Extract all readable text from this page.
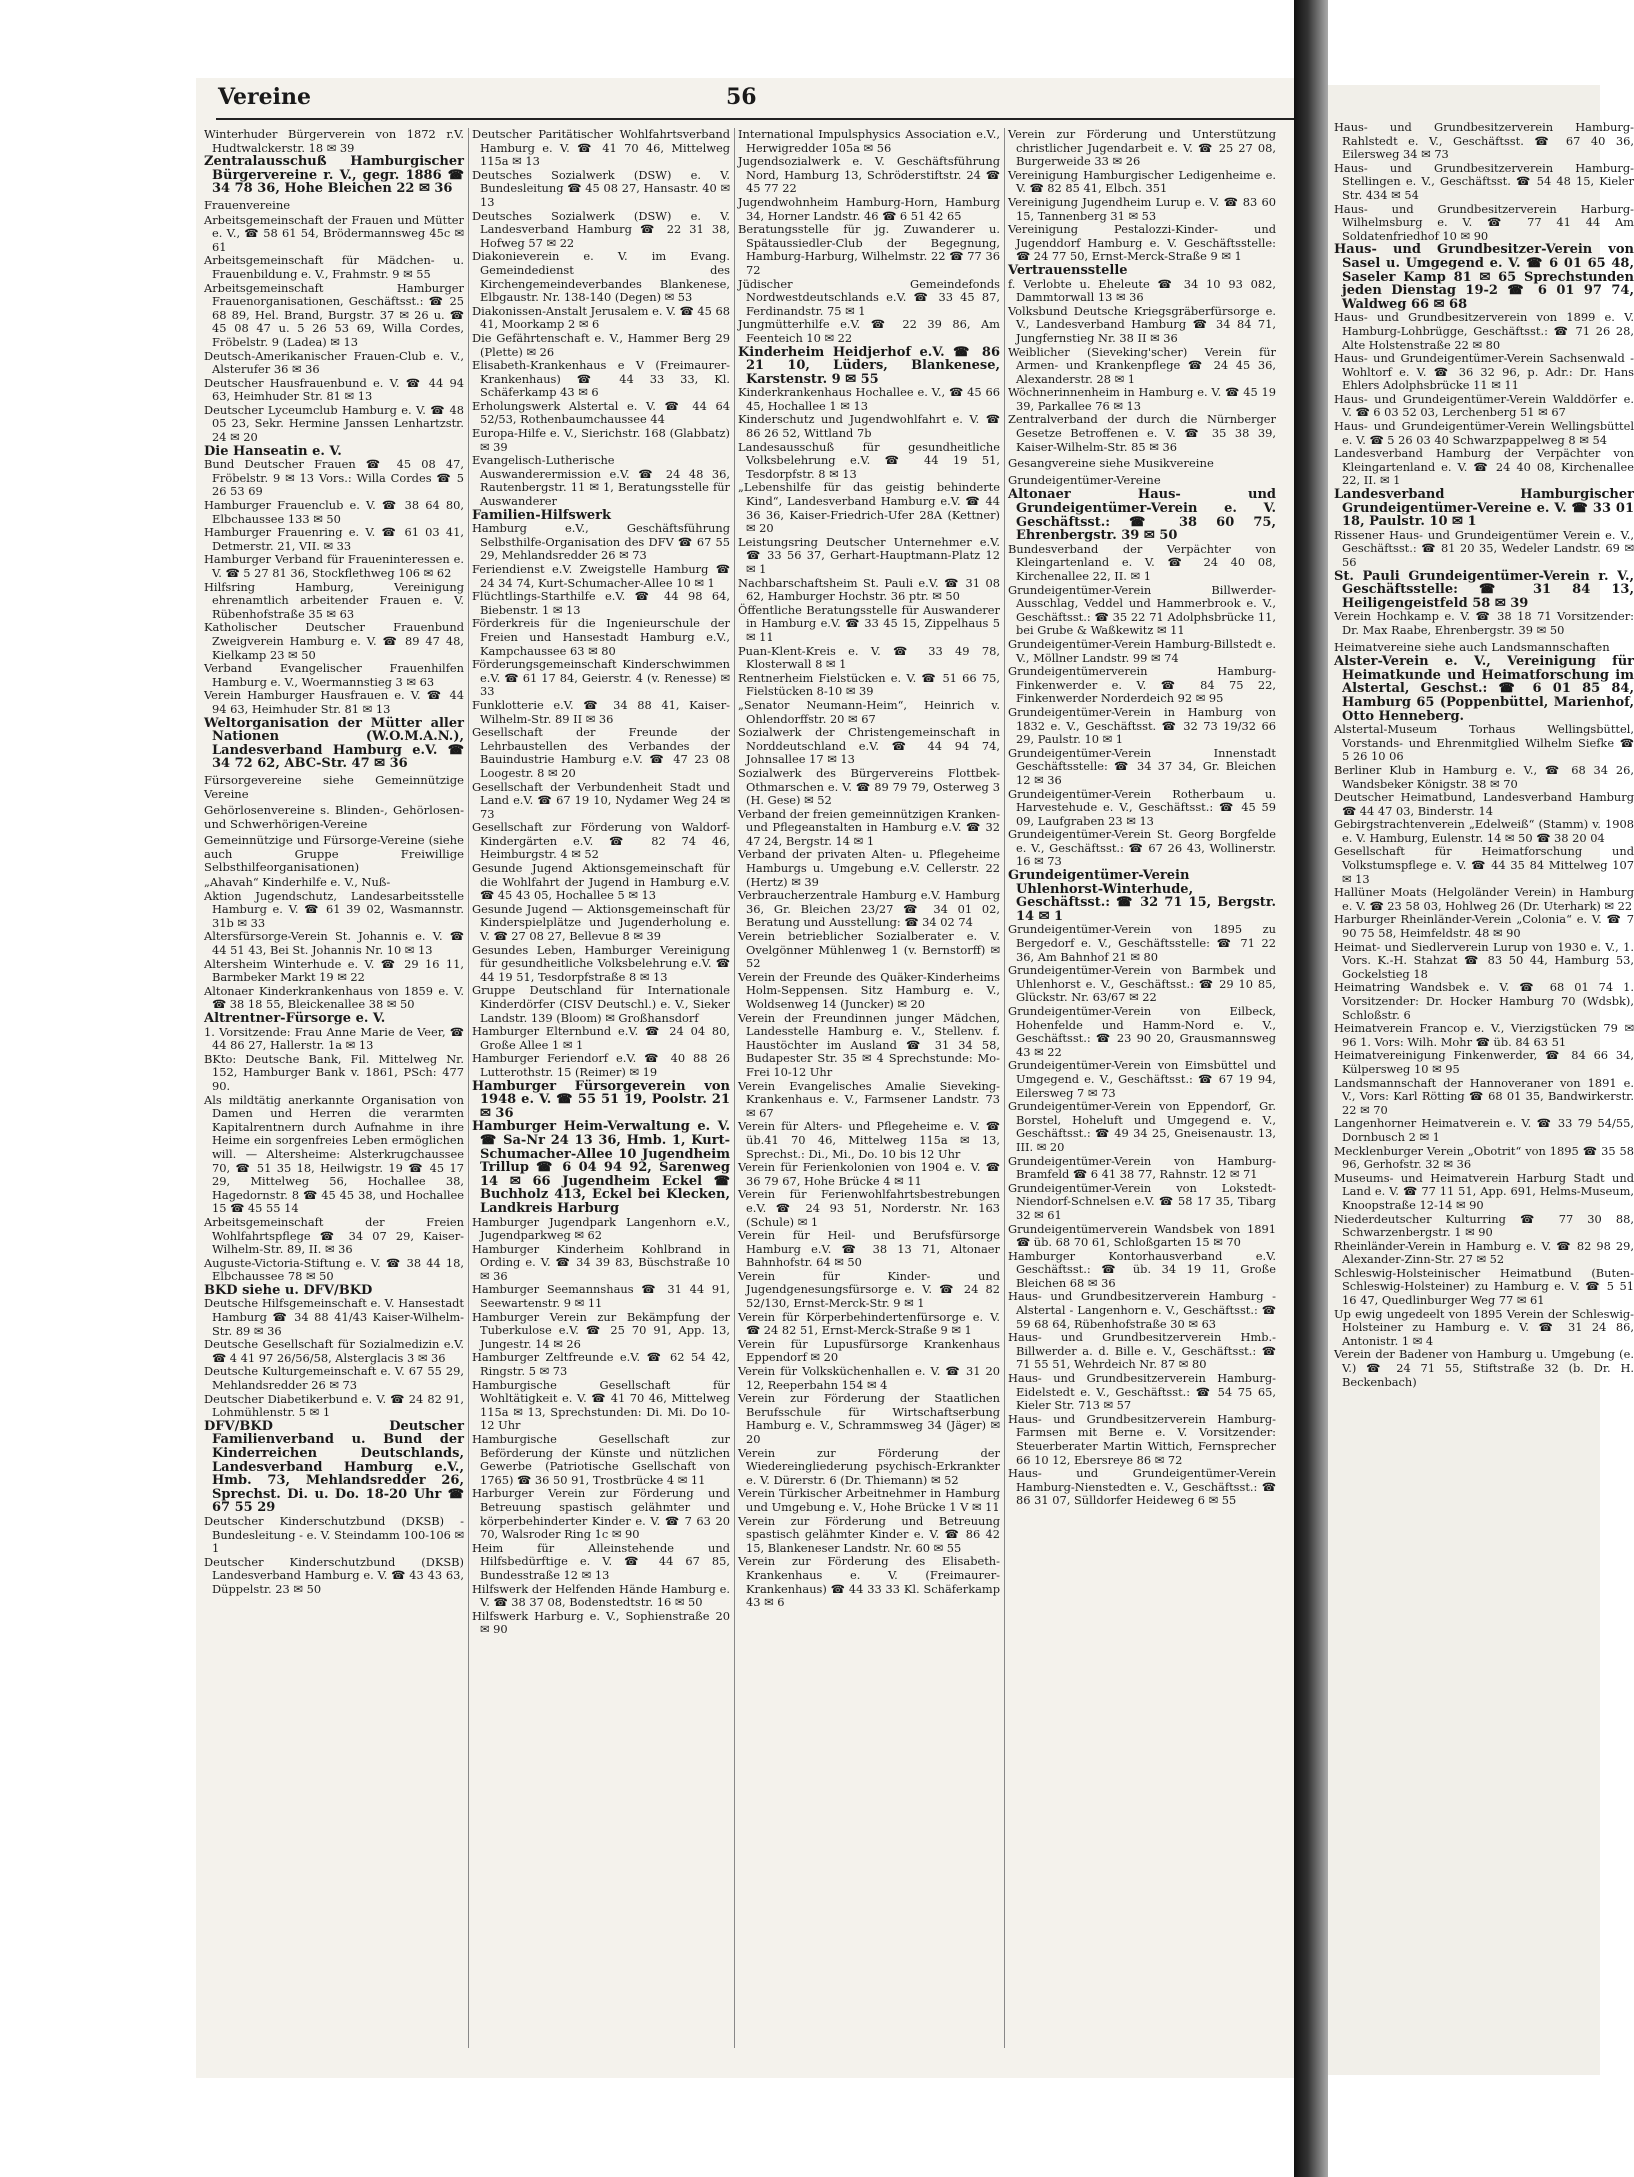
Haus- und Grundbesitzerverein Hamburg-Rahlstedt e. V., Geschäftsst. ☎ 67 40 36, Eilersweg 34 ✉ 73

Haus- und Grundbesitzerverein Hamburg-Stellingen e. V., Geschäftsst. ☎ 54 48 15, Kieler Str. 434 ✉ 54

Haus- und Grundbesitzerverein Harburg-Wilhelmsburg e. V. ☎ 77 41 44 Am Soldatenfriedhof 10 ✉ 90

Haus- und Grundbesitzer-Verein von Sasel u. Umgegend e. V. ☎ 6 01 65 48, Saseler Kamp 81 ✉ 65 Sprechstunden jeden Dienstag 19-2 ☎ 6 01 97 74, Waldweg 66 ✉ 68

Haus- und Grundbesitzerverein von 1899 e. V. Hamburg-Lohbrügge, Geschäftsst.: ☎ 71 26 28, Alte Holstenstraße 22 ✉ 80

Haus- und Grundeigentümer-Verein Sachsenwald - Wohltorf e. V. ☎ 36 32 96, p. Adr.: Dr. Hans Ehlers Adolphsbrücke 11 ✉ 11

Haus- und Grundeigentümer-Verein Walddörfer e. V. ☎ 6 03 52 03, Lerchenberg 51 ✉ 67

Haus- und Grundeigentümer-Verein Wellingsbüttel e. V. ☎ 5 26 03 40 Schwarzpappelweg 8 ✉ 54

Landesverband Hamburg der Verpächter von Kleingartenland e. V. ☎ 24 40 08, Kirchenallee 22, II. ✉ 1

Landesverband Hamburgischer Grundeigentümer-Vereine e. V. ☎ 33 01 18, Paulstr. 10 ✉ 1

Rissener Haus- und Grundeigentümer Verein e. V., Geschäftsst.: ☎ 81 20 35, Wedeler Landstr. 69 ✉ 56

St. Pauli Grundeigentümer-Verein r. V., Geschäftsstelle: ☎ 31 84 13, Heiligengeistfeld 58 ✉ 39

Verein Hochkamp e. V. ☎ 38 18 71 Vorsitzender: Dr. Max Raabe, Ehrenbergstr. 39 ✉ 50

Heimatvereine siehe auch Landsmannschaften

Alster-Verein e. V., Vereinigung für Heimatkunde und Heimatforschung im Alstertal, Geschst.: ☎ 6 01 85 84, Hamburg 65 (Poppenbüttel, Marienhof, Otto Henneberg.

Alstertal-Museum Torhaus Wellingsbüttel, Vorstands- und Ehrenmitglied Wilhelm Siefke ☎ 5 26 10 06

Berliner Klub in Hamburg e. V., ☎ 68 34 26, Wandsbeker Königstr. 38 ✉ 70

Deutscher Heimatbund, Landesverband Hamburg ☎ 44 47 03, Binderstr. 14

Gebirgstrachtenverein „Edelweiß“ (Stamm) v. 1908 e. V. Hamburg, Eulenstr. 14 ✉ 50 ☎ 38 20 04

Gesellschaft für Heimatforschung und Volkstumspflege e. V. ☎ 44 35 84 Mittelweg 107 ✉ 13

Hallüner Moats (Helgoländer Verein) in Hamburg e. V. ☎ 23 58 03, Hohlweg 26 (Dr. Uterhark) ✉ 22

Harburger Rheinländer-Verein „Colonia“ e. V. ☎ 7 90 75 58, Heimfeldstr. 48 ✉ 90

Heimat- und Siedlerverein Lurup von 1930 e. V., 1. Vors. K.-H. Stahzat ☎ 83 50 44, Hamburg 53, Gockelstieg 18

Heimatring Wandsbek e. V. ☎ 68 01 74 1. Vorsitzender: Dr. Hocker Hamburg 70 (Wdsbk), Schloßstr. 6

Heimatverein Francop e. V., Vierzigstücken 79 ✉ 96 1. Vors: Wilh. Mohr ☎ üb. 84 63 51

Heimatvereinigung Finkenwerder, ☎ 84 66 34, Külpersweg 10 ✉ 95

Landsmannschaft der Hannoveraner von 1891 e. V., Vors: Karl Rötting ☎ 68 01 35, Bandwirkerstr. 22 ✉ 70

Langenhorner Heimatverein e. V. ☎ 33 79 54/55, Dornbusch 2 ✉ 1

Mecklenburger Verein „Obotrit“ von 1895 ☎ 35 58 96, Gerhofstr. 32 ✉ 36

Museums- und Heimatverein Harburg Stadt und Land e. V. ☎ 77 11 51, App. 691, Helms-Museum, Knoopstraße 12-14 ✉ 90

Niederdeutscher Kulturring ☎ 77 30 88, Schwarzenbergstr. 1 ✉ 90

Rheinländer-Verein in Hamburg e. V. ☎ 82 98 29, Alexander-Zinn-Str. 27 ✉ 52

Schleswig-Holsteinischer Heimatbund (Buten-Schleswig-Holsteiner) zu Hamburg e. V. ☎ 5 51 16 47, Quedlinburger Weg 77 ✉ 61

Up ewig ungedeelt von 1895 Verein der Schleswig-Holsteiner zu Hamburg e. V. ☎ 31 24 86, Antonistr. 1 ✉ 4

Verein der Badener von Hamburg u. Umgebung (e. V.) ☎ 24 71 55, Stiftstraße 32 (b. Dr. H. Beckenbach)

Vereine	56

Winterhuder Bürgerverein von 1872 r.V. Hudtwalckerstr. 18 ✉ 39

Zentralausschuß Hamburgischer Bürgervereine r. V., gegr. 1886 ☎ 34 78 36, Hohe Bleichen 22 ✉ 36

Frauenvereine

Arbeitsgemeinschaft der Frauen und Mütter e. V., ☎ 58 61 54, Brödermannsweg 45c ✉ 61

Arbeitsgemeinschaft für Mädchen- u. Frauenbildung e. V., Frahmstr. 9 ✉ 55

Arbeitsgemeinschaft Hamburger Frauenorganisationen, Geschäftsst.: ☎ 25 68 89, Hel. Brand, Burgstr. 37 ✉ 26 u. ☎ 45 08 47 u. 5 26 53 69, Willa Cordes, Fröbelstr. 9 (Ladea) ✉ 13

Deutsch-Amerikanischer Frauen-Club e. V., Alsterufer 36 ✉ 36

Deutscher Hausfrauenbund e. V. ☎ 44 94 63, Heimhuder Str. 81 ✉ 13

Deutscher Lyceumclub Hamburg e. V. ☎ 48 05 23, Sekr. Hermine Janssen Lenhartzstr. 24 ✉ 20

Die Hanseatin e. V.

Bund Deutscher Frauen ☎ 45 08 47, Fröbelstr. 9 ✉ 13 Vors.: Willa Cordes ☎ 5 26 53 69

Hamburger Frauenclub e. V. ☎ 38 64 80, Elbchaussee 133 ✉ 50

Hamburger Frauenring e. V. ☎ 61 03 41, Detmerstr. 21, VII. ✉ 33

Hamburger Verband für Fraueninteressen e. V. ☎ 5 27 81 36, Stockflethweg 106 ✉ 62

Hilfsring Hamburg, Vereinigung ehrenamtlich arbeitender Frauen e. V. Rübenhofstraße 35 ✉ 63

Katholischer Deutscher Frauenbund Zweigverein Hamburg e. V. ☎ 89 47 48, Kielkamp 23 ✉ 50

Verband Evangelischer Frauenhilfen Hamburg e. V., Woermannstieg 3 ✉ 63

Verein Hamburger Hausfrauen e. V. ☎ 44 94 63, Heimhuder Str. 81 ✉ 13

Weltorganisation der Mütter aller Nationen (W.O.M.A.N.), Landesverband Hamburg e.V. ☎ 34 72 62, ABC-Str. 47 ✉ 36

Fürsorgevereine siehe Gemeinnützige Vereine

Gehörlosenvereine s. Blinden-, Gehörlosen- und Schwerhörigen-Vereine

Gemeinnützige und Fürsorge-Vereine (siehe auch Gruppe Freiwillige Selbsthilfeorganisationen)

„Ahavah“ Kinderhilfe e. V., Nuß-

Aktion Jugendschutz, Landesarbeitsstelle Hamburg e. V. ☎ 61 39 02, Wasmannstr. 31b ✉ 33

Altersfürsorge-Verein St. Johannis e. V. ☎ 44 51 43, Bei St. Johannis Nr. 10 ✉ 13

Altersheim Winterhude e. V. ☎ 29 16 11, Barmbeker Markt 19 ✉ 22

Altonaer Kinderkrankenhaus von 1859 e. V. ☎ 38 18 55, Bleickenallee 38 ✉ 50

Altrentner-Fürsorge e. V.

1. Vorsitzende: Frau Anne Marie de Veer, ☎ 44 86 27, Hallerstr. 1a ✉ 13

BKto: Deutsche Bank, Fil. Mittelweg Nr. 152, Hamburger Bank v. 1861, PSch: 477 90.

Als mildtätig anerkannte Organisation von Damen und Herren die verarmten Kapitalrentnern durch Aufnahme in ihre Heime ein sorgenfreies Leben ermöglichen will. — Altersheime: Alsterkrugchaussee 70, ☎ 51 35 18, Heilwigstr. 19 ☎ 45 17 29, Mittelweg 56, Hochallee 38, Hagedornstr. 8 ☎ 45 45 38, und Hochallee 15 ☎ 45 55 14

Arbeitsgemeinschaft der Freien Wohlfahrtspflege ☎ 34 07 29, Kaiser-Wilhelm-Str. 89, II. ✉ 36

Auguste-Victoria-Stiftung e. V. ☎ 38 44 18, Elbchaussee 78 ✉ 50

BKD siehe u. DFV/BKD

Deutsche Hilfsgemeinschaft e. V. Hansestadt Hamburg ☎ 34 88 41/43 Kaiser-Wilhelm-Str. 89 ✉ 36

Deutsche Gesellschaft für Sozialmedizin e.V. ☎ 4 41 97 26/56/58, Alsterglacis 3 ✉ 36

Deutsche Kulturgemeinschaft e. V. 67 55 29, Mehlandsredder 26 ✉ 73

Deutscher Diabetikerbund e. V. ☎ 24 82 91, Lohmühlenstr. 5 ✉ 1

DFV/BKD Deutscher Familienverband u. Bund der Kinderreichen Deutschlands, Landesverband Hamburg e.V., Hmb. 73, Mehlandsredder 26, Sprechst. Di. u. Do. 18-20 Uhr ☎ 67 55 29

Deutscher Kinderschutzbund (DKSB) - Bundesleitung - e. V. Steindamm 100-106 ✉ 1

Deutscher Kinderschutzbund (DKSB) Landesverband Hamburg e. V. ☎ 43 43 63, Düppelstr. 23 ✉ 50

Deutscher Paritätischer Wohlfahrtsverband Hamburg e. V. ☎ 41 70 46, Mittelweg 115a ✉ 13

Deutsches Sozialwerk (DSW) e. V. Bundesleitung ☎ 45 08 27, Hansastr. 40 ✉ 13

Deutsches Sozialwerk (DSW) e. V. Landesverband Hamburg ☎ 22 31 38, Hofweg 57 ✉ 22

Diakonieverein e. V. im Evang. Gemeindedienst des Kirchengemeindeverbandes Blankenese, Elbgaustr. Nr. 138-140 (Degen) ✉ 53

Diakonissen-Anstalt Jerusalem e. V. ☎ 45 68 41, Moorkamp 2 ✉ 6

Die Gefährtenschaft e. V., Hammer Berg 29 (Plette) ✉ 26

Elisabeth-Krankenhaus e V (Freimaurer-Krankenhaus) ☎ 44 33 33, Kl. Schäferkamp 43 ✉ 6

Erholungswerk Alstertal e. V. ☎ 44 64 52/53, Rothenbaumchaussee 44

Europa-Hilfe e. V., Sierichstr. 168 (Glabbatz) ✉ 39

Evangelisch-Lutherische Auswanderermission e.V. ☎ 24 48 36, Rautenbergstr. 11 ✉ 1, Beratungsstelle für Auswanderer

Familien-Hilfswerk

Hamburg e.V., Geschäftsführung Selbsthilfe-Organisation des DFV ☎ 67 55 29, Mehlandsredder 26 ✉ 73

Feriendienst e.V. Zweigstelle Hamburg ☎ 24 34 74, Kurt-Schumacher-Allee 10 ✉ 1

Flüchtlings-Starthilfe e.V. ☎ 44 98 64, Biebenstr. 1 ✉ 13

Förderkreis für die Ingenieurschule der Freien und Hansestadt Hamburg e.V., Kampchaussee 63 ✉ 80

Förderungsgemeinschaft Kinderschwimmen e.V. ☎ 61 17 84, Geierstr. 4 (v. Renesse) ✉ 33

Funklotterie e.V. ☎ 34 88 41, Kaiser-Wilhelm-Str. 89 II ✉ 36

Gesellschaft der Freunde der Lehrbaustellen des Verbandes der Bauindustrie Hamburg e.V. ☎ 47 23 08 Loogestr. 8 ✉ 20

Gesellschaft der Verbundenheit Stadt und Land e.V. ☎ 67 19 10, Nydamer Weg 24 ✉ 73

Gesellschaft zur Förderung von Waldorf-Kindergärten e.V. ☎ 82 74 46, Heimburgstr. 4 ✉ 52

Gesunde Jugend Aktionsgemeinschaft für die Wohlfahrt der Jugend in Hamburg e.V. ☎ 45 43 05, Hochallee 5 ✉ 13

Gesunde Jugend — Aktionsgemeinschaft für Kinderspielplätze und Jugenderholung e. V. ☎ 27 08 27, Bellevue 8 ✉ 39

Gesundes Leben, Hamburger Vereinigung für gesundheitliche Volksbelehrung e.V. ☎ 44 19 51, Tesdorpfstraße 8 ✉ 13

Gruppe Deutschland für Internationale Kinderdörfer (CISV Deutschl.) e. V., Sieker Landstr. 139 (Bloom) ✉ Großhansdorf

Hamburger Elternbund e.V. ☎ 24 04 80, Große Allee 1 ✉ 1

Hamburger Feriendorf e.V. ☎ 40 88 26 Lutterothstr. 15 (Reimer) ✉ 19

Hamburger Fürsorgeverein von 1948 e. V. ☎ 55 51 19, Poolstr. 21 ✉ 36

Hamburger Heim-Verwaltung e. V. ☎ Sa-Nr 24 13 36, Hmb. 1, Kurt-Schumacher-Allee 10 Jugendheim Trillup ☎ 6 04 94 92, Sarenweg 14 ✉ 66 Jugendheim Eckel ☎ Buchholz 413, Eckel bei Klecken, Landkreis Harburg

Hamburger Jugendpark Langenhorn e.V., Jugendparkweg ✉ 62

Hamburger Kinderheim Kohlbrand in Ording e. V. ☎ 34 39 83, Büschstraße 10 ✉ 36

Hamburger Seemannshaus ☎ 31 44 91, Seewartenstr. 9 ✉ 11

Hamburger Verein zur Bekämpfung der Tuberkulose e.V. ☎ 25 70 91, App. 13, Jungestr. 14 ✉ 26

Hamburger Zeltfreunde e.V. ☎ 62 54 42, Ringstr. 5 ✉ 73

Hamburgische Gesellschaft für Wohltätigkeit e. V. ☎ 41 70 46, Mittelweg 115a ✉ 13, Sprechstunden: Di. Mi. Do 10-12 Uhr

Hamburgische Gesellschaft zur Beförderung der Künste und nützlichen Gewerbe (Patriotische Gsellschaft von 1765) ☎ 36 50 91, Trostbrücke 4 ✉ 11

Harburger Verein zur Förderung und Betreuung spastisch gelähmter und körperbehinderter Kinder e. V. ☎ 7 63 20 70, Walsroder Ring 1c ✉ 90

Heim für Alleinstehende und Hilfsbedürftige e. V. ☎ 44 67 85, Bundesstraße 12 ✉ 13

Hilfswerk der Helfenden Hände Hamburg e. V. ☎ 38 37 08, Bodenstedtstr. 16 ✉ 50

Hilfswerk Harburg e. V., Sophienstraße 20 ✉ 90

International Impulsphysics Association e.V., Herwigredder 105a ✉ 56

Jugendsozialwerk e. V. Geschäftsführung Nord, Hamburg 13, Schröderstiftstr. 24 ☎ 45 77 22

Jugendwohnheim Hamburg-Horn, Hamburg 34, Horner Landstr. 46 ☎ 6 51 42 65

Beratungsstelle für jg. Zuwanderer u. Spätaussiedler-Club der Begegnung, Hamburg-Harburg, Wilhelmstr. 22 ☎ 77 36 72

Jüdischer Gemeindefonds Nordwestdeutschlands e.V. ☎ 33 45 87, Ferdinandstr. 75 ✉ 1

Jungmütterhilfe e.V. ☎ 22 39 86, Am Feenteich 10 ✉ 22

Kinderheim Heidjerhof e.V. ☎ 86 21 10, Lüders, Blankenese, Karstenstr. 9 ✉ 55

Kinderkrankenhaus Hochallee e. V., ☎ 45 66 45, Hochallee 1 ✉ 13

Kinderschutz und Jugendwohlfahrt e. V. ☎ 86 26 52, Wittland 7b

Landesausschuß für gesundheitliche Volksbelehrung e.V. ☎ 44 19 51, Tesdorpfstr. 8 ✉ 13

„Lebenshilfe für das geistig behinderte Kind“, Landesverband Hamburg e.V. ☎ 44 36 36, Kaiser-Friedrich-Ufer 28A (Kettner) ✉ 20

Leistungsring Deutscher Unternehmer e.V. ☎ 33 56 37, Gerhart-Hauptmann-Platz 12 ✉ 1

Nachbarschaftsheim St. Pauli e.V. ☎ 31 08 62, Hamburger Hochstr. 36 ptr. ✉ 50

Öffentliche Beratungsstelle für Auswanderer in Hamburg e.V. ☎ 33 45 15, Zippelhaus 5 ✉ 11

Puan-Klent-Kreis e. V. ☎ 33 49 78, Klosterwall 8 ✉ 1

Rentnerheim Fielstücken e. V. ☎ 51 66 75, Fielstücken 8-10 ✉ 39

„Senator Neumann-Heim“, Heinrich v. Ohlendorffstr. 20 ✉ 67

Sozialwerk der Christengemeinschaft in Norddeutschland e.V. ☎ 44 94 74, Johnsallee 17 ✉ 13

Sozialwerk des Bürgervereins Flottbek-Othmarschen e. V. ☎ 89 79 79, Osterweg 3 (H. Gese) ✉ 52

Verband der freien gemeinnützigen Kranken- und Pflegeanstalten in Hamburg e.V. ☎ 32 47 24, Bergstr. 14 ✉ 1

Verband der privaten Alten- u. Pflegeheime Hamburgs u. Umgebung e.V. Cellerstr. 22 (Hertz) ✉ 39

Verbraucherzentrale Hamburg e.V. Hamburg 36, Gr. Bleichen 23/27 ☎ 34 01 02, Beratung und Ausstellung: ☎ 34 02 74

Verein betrieblicher Sozialberater e. V. Ovelgönner Mühlenweg 1 (v. Bernstorff) ✉ 52

Verein der Freunde des Quäker-Kinderheims Holm-Seppensen. Sitz Hamburg e. V., Woldsenweg 14 (Juncker) ✉ 20

Verein der Freundinnen junger Mädchen, Landesstelle Hamburg e. V., Stellenv. f. Haustöchter im Ausland ☎ 31 34 58, Budapester Str. 35 ✉ 4 Sprechstunde: Mo-Frei 10-12 Uhr

Verein Evangelisches Amalie Sieveking-Krankenhaus e. V., Farmsener Landstr. 73 ✉ 67

Verein für Alters- und Pflegeheime e. V. ☎ üb.41 70 46, Mittelweg 115a ✉ 13, Sprechst.: Di., Mi., Do. 10 bis 12 Uhr

Verein für Ferienkolonien von 1904 e. V. ☎ 36 79 67, Hohe Brücke 4 ✉ 11

Verein für Ferienwohlfahrtsbestrebungen e.V. ☎ 24 93 51, Norderstr. Nr. 163 (Schule) ✉ 1

Verein für Heil- und Berufsfürsorge Hamburg e.V. ☎ 38 13 71, Altonaer Bahnhofstr. 64 ✉ 50

Verein für Kinder- und Jugendgenesungsfürsorge e. V. ☎ 24 82 52/130, Ernst-Merck-Str. 9 ✉ 1

Verein für Körperbehindertenfürsorge e. V. ☎ 24 82 51, Ernst-Merck-Straße 9 ✉ 1

Verein für Lupusfürsorge Krankenhaus Eppendorf ✉ 20

Verein für Volksküchenhallen e. V. ☎ 31 20 12, Reeperbahn 154 ✉ 4

Verein zur Förderung der Staatlichen Berufsschule für Wirtschaftserbung Hamburg e. V., Schrammsweg 34 (Jäger) ✉ 20

Verein zur Förderung der Wiedereingliederung psychisch-Erkrankter e. V. Dürerstr. 6 (Dr. Thiemann) ✉ 52

Verein Türkischer Arbeitnehmer in Hamburg und Umgebung e. V., Hohe Brücke 1 V ✉ 11

Verein zur Förderung und Betreuung spastisch gelähmter Kinder e. V. ☎ 86 42 15, Blankeneser Landstr. Nr. 60 ✉ 55

Verein zur Förderung des Elisabeth-Krankenhaus e. V. (Freimaurer-Krankenhaus) ☎ 44 33 33 Kl. Schäferkamp 43 ✉ 6

Verein zur Förderung und Unterstützung christlicher Jugendarbeit e. V. ☎ 25 27 08, Burgerweide 33 ✉ 26

Vereinigung Hamburgischer Ledigenheime e. V. ☎ 82 85 41, Elbch. 351

Vereinigung Jugendheim Lurup e. V. ☎ 83 60 15, Tannenberg 31 ✉ 53

Vereinigung Pestalozzi-Kinder- und Jugenddorf Hamburg e. V. Geschäftsstelle: ☎ 24 77 50, Ernst-Merck-Straße 9 ✉ 1

Vertrauensstelle

f. Verlobte u. Eheleute ☎ 34 10 93 082, Dammtorwall 13 ✉ 36

Volksbund Deutsche Kriegsgräberfürsorge e. V., Landesverband Hamburg ☎ 34 84 71, Jungfernstieg Nr. 38 II ✉ 36

Weiblicher (Sieveking'scher) Verein für Armen- und Krankenpflege ☎ 24 45 36, Alexanderstr. 28 ✉ 1

Wöchnerinnenheim in Hamburg e. V. ☎ 45 19 39, Parkallee 76 ✉ 13

Zentralverband der durch die Nürnberger Gesetze Betroffenen e. V. ☎ 35 38 39, Kaiser-Wilhelm-Str. 85 ✉ 36

Gesangvereine siehe Musikvereine

Grundeigentümer-Vereine

Altonaer Haus- und Grundeigentümer-Verein e. V. Geschäftsst.: ☎ 38 60 75, Ehrenbergstr. 39 ✉ 50

Bundesverband der Verpächter von Kleingartenland e. V. ☎ 24 40 08, Kirchenallee 22, II. ✉ 1

Grundeigentümer-Verein Billwerder-Ausschlag, Veddel und Hammerbrook e. V., Geschäftsst.: ☎ 35 22 71 Adolphsbrücke 11, bei Grube & Waßkewitz ✉ 11

Grundeigentümer-Verein Hamburg-Billstedt e. V., Möllner Landstr. 99 ✉ 74

Grundeigentümerverein Hamburg-Finkenwerder e. V. ☎ 84 75 22, Finkenwerder Norderdeich 92 ✉ 95

Grundeigentümer-Verein in Hamburg von 1832 e. V., Geschäftsst. ☎ 32 73 19/32 66 29, Paulstr. 10 ✉ 1

Grundeigentümer-Verein Innenstadt Geschäftsstelle: ☎ 34 37 34, Gr. Bleichen 12 ✉ 36

Grundeigentümer-Verein Rotherbaum u. Harvestehude e. V., Geschäftsst.: ☎ 45 59 09, Laufgraben 23 ✉ 13

Grundeigentümer-Verein St. Georg Borgfelde e. V., Geschäftsst.: ☎ 67 26 43, Wollinerstr. 16 ✉ 73

Grundeigentümer-Verein Uhlenhorst-Winterhude, Geschäftsst.: ☎ 32 71 15, Bergstr. 14 ✉ 1

Grundeigentümer-Verein von 1895 zu Bergedorf e. V., Geschäftsstelle: ☎ 71 22 36, Am Bahnhof 21 ✉ 80

Grundeigentümer-Verein von Barmbek und Uhlenhorst e. V., Geschäftsst.: ☎ 29 10 85, Glückstr. Nr. 63/67 ✉ 22

Grundeigentümer-Verein von Eilbeck, Hohenfelde und Hamm-Nord e. V., Geschäftsst.: ☎ 23 90 20, Grausmannsweg 43 ✉ 22

Grundeigentümer-Verein von Eimsbüttel und Umgegend e. V., Geschäftsst.: ☎ 67 19 94, Eilersweg 7 ✉ 73

Grundeigentümer-Verein von Eppendorf, Gr. Borstel, Hoheluft und Umgegend e. V., Geschäftsst.: ☎ 49 34 25, Gneisenaustr. 13, III. ✉ 20

Grundeigentümer-Verein von Hamburg-Bramfeld ☎ 6 41 38 77, Rahnstr. 12 ✉ 71

Grundeigentümer-Verein von Lokstedt-Niendorf-Schnelsen e.V. ☎ 58 17 35, Tibarg 32 ✉ 61

Grundeigentümerverein Wandsbek von 1891 ☎ üb. 68 70 61, Schloßgarten 15 ✉ 70

Hamburger Kontorhausverband e.V. Geschäftsst.: ☎ üb. 34 19 11, Große Bleichen 68 ✉ 36

Haus- und Grundbesitzerverein Hamburg - Alstertal - Langenhorn e. V., Geschäftsst.: ☎ 59 68 64, Rübenhofstraße 30 ✉ 63

Haus- und Grundbesitzerverein Hmb.-Billwerder a. d. Bille e. V., Geschäftsst.: ☎ 71 55 51, Wehrdeich Nr. 87 ✉ 80

Haus- und Grundbesitzerverein Hamburg-Eidelstedt e. V., Geschäftsst.: ☎ 54 75 65, Kieler Str. 713 ✉ 57

Haus- und Grundbesitzerverein Hamburg-Farmsen mit Berne e. V. Vorsitzender: Steuerberater Martin Wittich, Fernsprecher 66 10 12, Ebersreye 86 ✉ 72

Haus- und Grundeigentümer-Verein Hamburg-Nienstedten e. V., Geschäftsst.: ☎ 86 31 07, Sülldorfer Heideweg 6 ✉ 55
